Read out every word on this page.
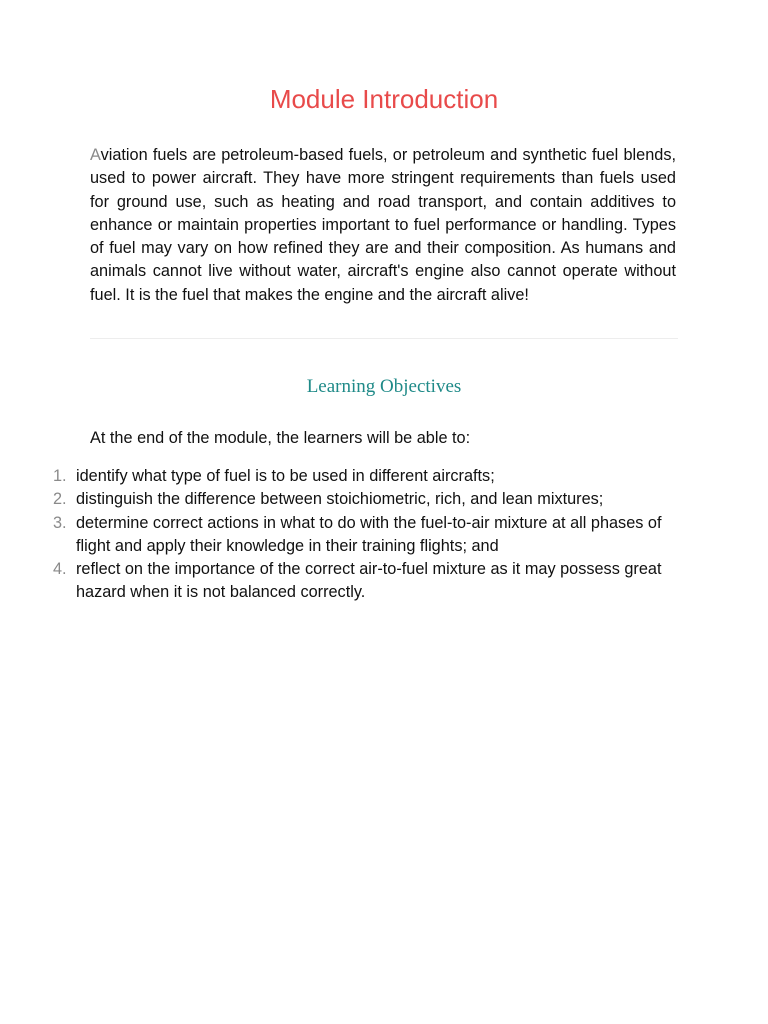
Module Introduction

Aviation fuels are petroleum-based fuels, or petroleum and synthetic fuel blends, used to power aircraft. They have more stringent requirements than fuels used for ground use, such as heating and road transport, and contain additives to enhance or maintain properties important to fuel performance or handling. Types of fuel may vary on how refined they are and their composition. As humans and animals cannot live without water, aircraft's engine also cannot operate without fuel. It is the fuel that makes the engine and the aircraft alive!

Learning Objectives
At the end of the module, the learners will be able to:
1. identify what type of fuel is to be used in different aircrafts;
2. distinguish the difference between stoichiometric, rich, and lean mixtures;
3. determine correct actions in what to do with the fuel-to-air mixture at all phases of flight and apply their knowledge in their training flights; and
4. reflect on the importance of the correct air-to-fuel mixture as it may possess great hazard when it is not balanced correctly.
